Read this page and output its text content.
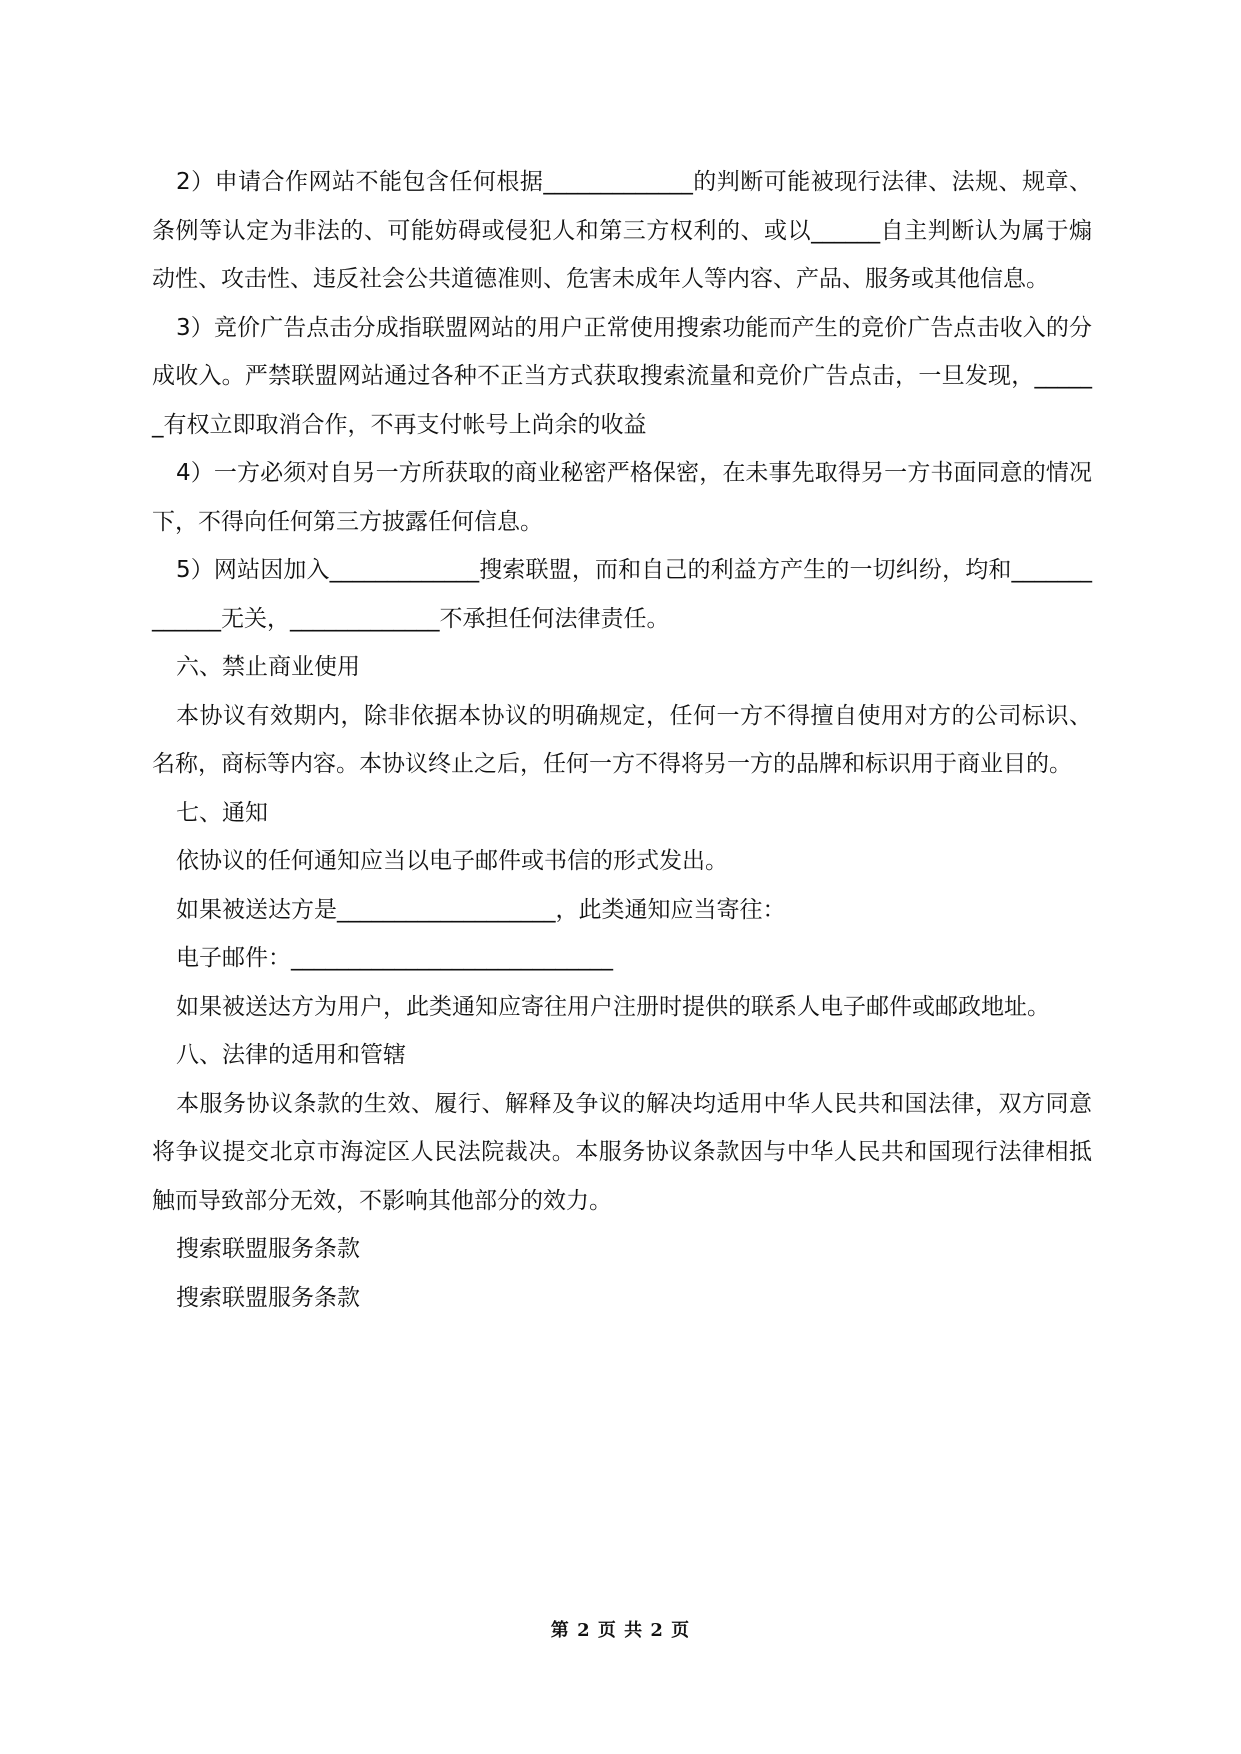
2）申请合作网站不能包含任何根据_____________的判断可能被现行法律、法规、规章、条例等认定为非法的、可能妨碍或侵犯人和第三方权利的、或以______自主判断认为属于煽动性、攻击性、违反社会公共道德准则、危害未成年人等内容、产品、服务或其他信息。

3）竞价广告点击分成指联盟网站的用户正常使用搜索功能而产生的竞价广告点击收入的分成收入。严禁联盟网站通过各种不正当方式获取搜索流量和竞价广告点击，一旦发现，______有权立即取消合作，不再支付帐号上尚余的收益

4）一方必须对自另一方所获取的商业秘密严格保密，在未事先取得另一方书面同意的情况下，不得向任何第三方披露任何信息。

5）网站因加入_____________搜索联盟，而和自己的利益方产生的一切纠纷，均和_____________无关，_____________不承担任何法律责任。

六、禁止商业使用

本协议有效期内，除非依据本协议的明确规定，任何一方不得擅自使用对方的公司标识、名称，商标等内容。本协议终止之后，任何一方不得将另一方的品牌和标识用于商业目的。

七、通知

依协议的任何通知应当以电子邮件或书信的形式发出。

如果被送达方是___________________，此类通知应当寄往：

电子邮件：____________________________

如果被送达方为用户，此类通知应寄往用户注册时提供的联系人电子邮件或邮政地址。

八、法律的适用和管辖

本服务协议条款的生效、履行、解释及争议的解决均适用中华人民共和国法律，双方同意将争议提交北京市海淀区人民法院裁决。本服务协议条款因与中华人民共和国现行法律相抵触而导致部分无效，不影响其他部分的效力。

搜索联盟服务条款

搜索联盟服务条款

第 2 页 共 2 页
